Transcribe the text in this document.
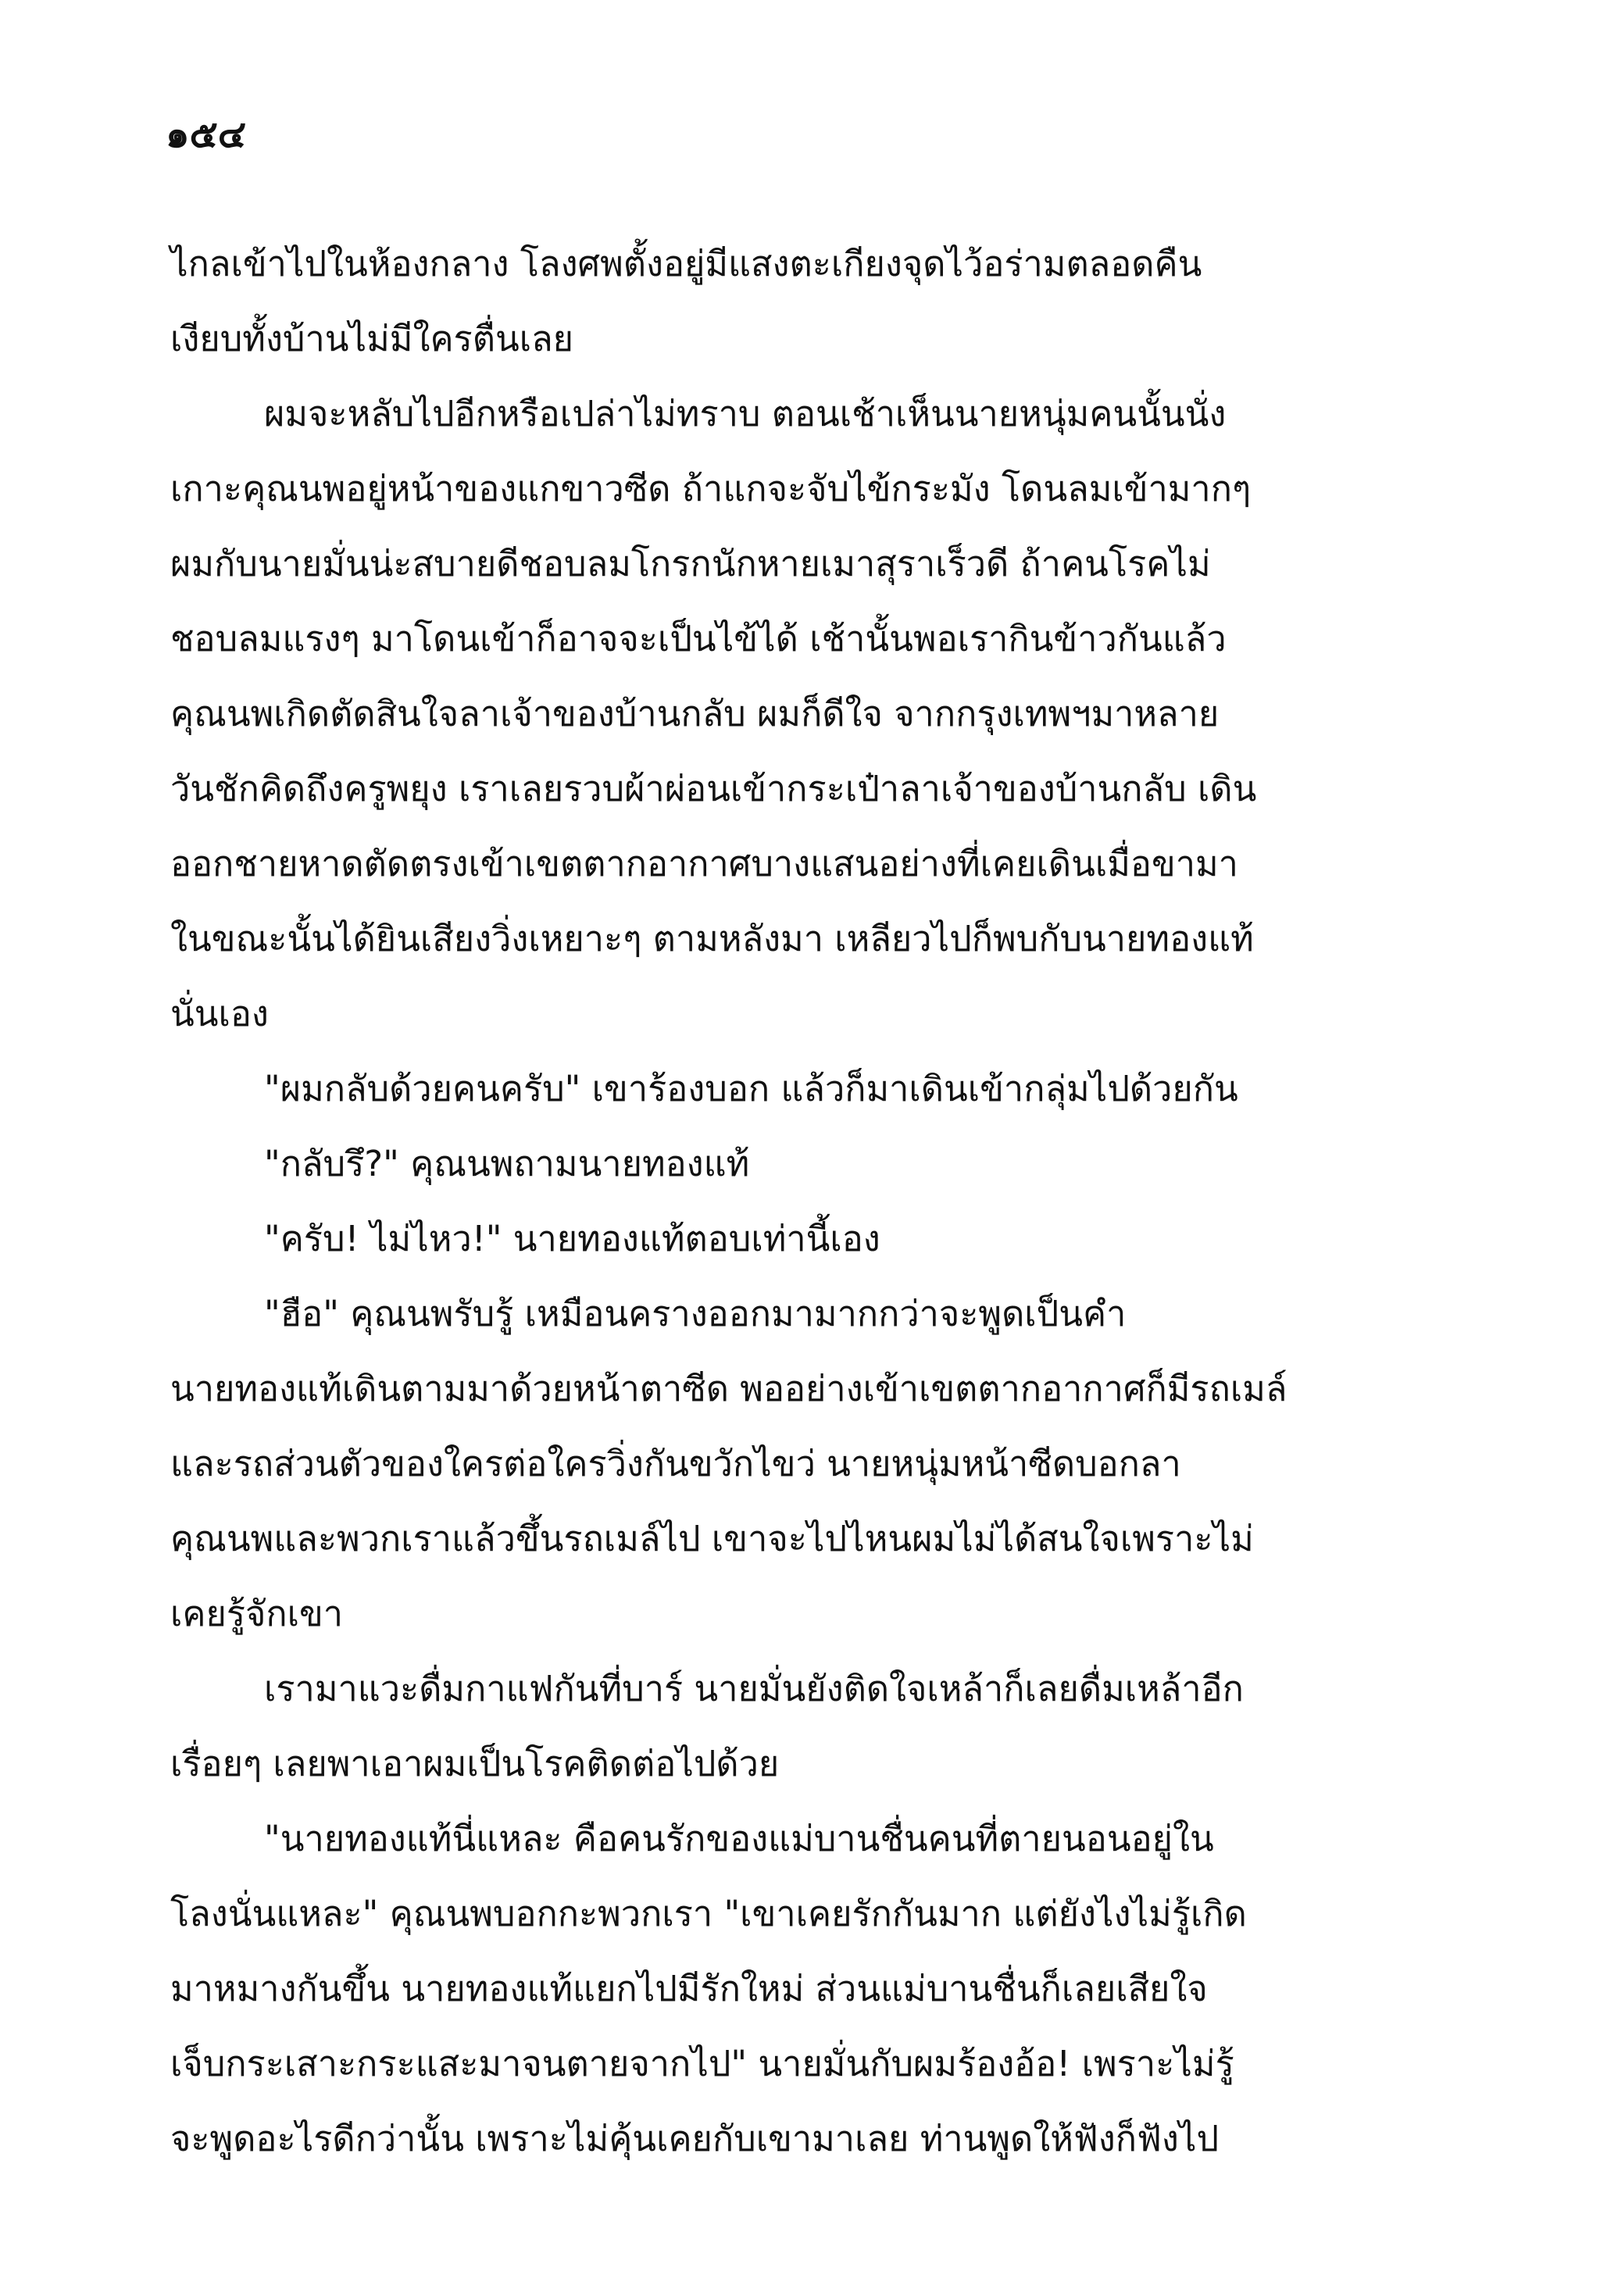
๑๕๔

ไกลเข้าไปในห้องกลาง โลงศพตั้งอยู่มีแสงตะเกียงจุดไว้อร่ามตลอดคืน

เงียบทั้งบ้านไม่มีใครตื่นเลย

ผมจะหลับไปอีกหรือเปล่าไม่ทราบ ตอนเช้าเห็นนายหนุ่มคนนั้นนั่ง

เกาะคุณนพอยู่หน้าของแกขาวซีด ถ้าแกจะจับไข้กระมัง โดนลมเข้ามากๆ

ผมกับนายมั่นน่ะสบายดีชอบลมโกรกนักหายเมาสุราเร็วดี ถ้าคนโรคไม่

ชอบลมแรงๆ มาโดนเข้าก็อาจจะเป็นไข้ได้ เช้านั้นพอเรากินข้าวกันแล้ว

คุณนพเกิดตัดสินใจลาเจ้าของบ้านกลับ ผมก็ดีใจ จากกรุงเทพฯมาหลาย

วันชักคิดถึงครูพยุง เราเลยรวบผ้าผ่อนเข้ากระเป๋าลาเจ้าของบ้านกลับ เดิน

ออกชายหาดตัดตรงเข้าเขตตากอากาศบางแสนอย่างที่เคยเดินเมื่อขามา

ในขณะนั้นได้ยินเสียงวิ่งเหยาะๆ ตามหลังมา เหลียวไปก็พบกับนายทองแท้

นั่นเอง

"ผมกลับด้วยคนครับ" เขาร้องบอก แล้วก็มาเดินเข้ากลุ่มไปด้วยกัน

"กลับรึ?" คุณนพถามนายทองแท้

"ครับ! ไม่ไหว!" นายทองแท้ตอบเท่านี้เอง

"ฮือ" คุณนพรับรู้ เหมือนครางออกมามากกว่าจะพูดเป็นคำ

นายทองแท้เดินตามมาด้วยหน้าตาซีด พออย่างเข้าเขตตากอากาศก็มีรถเมล์

และรถส่วนตัวของใครต่อใครวิ่งกันขวักไขว่ นายหนุ่มหน้าซีดบอกลา

คุณนพและพวกเราแล้วขึ้นรถเมล์ไป เขาจะไปไหนผมไม่ได้สนใจเพราะไม่

เคยรู้จักเขา

เรามาแวะดื่มกาแฟกันที่บาร์ นายมั่นยังติดใจเหล้าก็เลยดื่มเหล้าอีก

เรื่อยๆ เลยพาเอาผมเป็นโรคติดต่อไปด้วย

"นายทองแท้นี่แหละ คือคนรักของแม่บานชื่นคนที่ตายนอนอยู่ใน

โลงนั่นแหละ" คุณนพบอกกะพวกเรา "เขาเคยรักกันมาก แต่ยังไงไม่รู้เกิด

มาหมางกันขึ้น นายทองแท้แยกไปมีรักใหม่ ส่วนแม่บานชื่นก็เลยเสียใจ

เจ็บกระเสาะกระแสะมาจนตายจากไป" นายมั่นกับผมร้องอ้อ! เพราะไม่รู้

จะพูดอะไรดีกว่านั้น เพราะไม่คุ้นเคยกับเขามาเลย ท่านพูดให้ฟังก็ฟังไป
